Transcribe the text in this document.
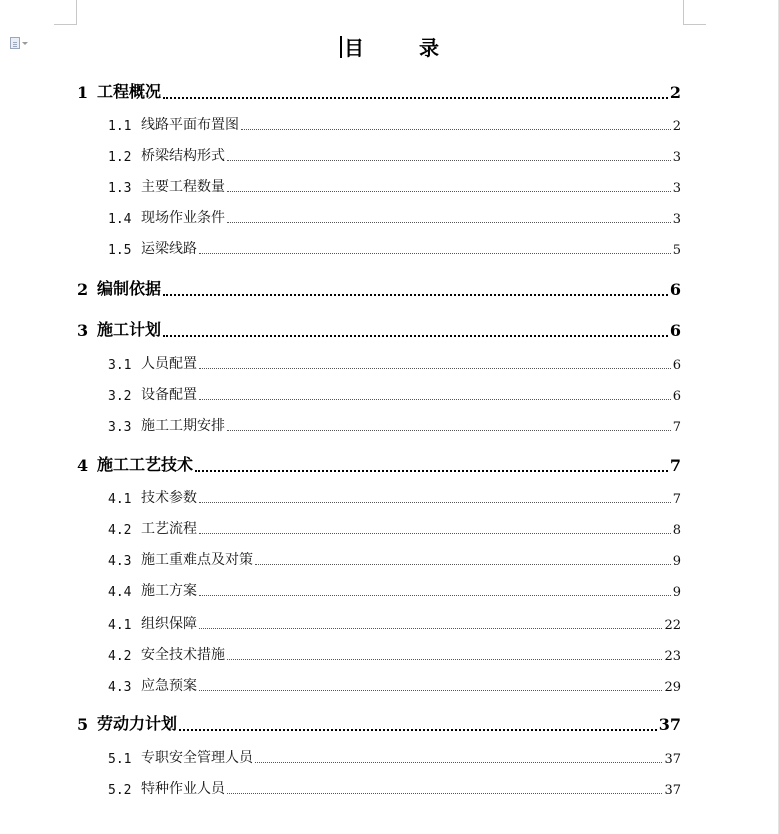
目 录
1 工程概况	2
1.1 线路平面布置图	2
1.2 桥梁结构形式	3
1.3 主要工程数量	3
1.4 现场作业条件	3
1.5 运梁线路	5
2 编制依据	6
3 施工计划	6
3.1 人员配置	6
3.2 设备配置	6
3.3 施工工期安排	7
4 施工工艺技术	7
4.1 技术参数	7
4.2 工艺流程	8
4.3 施工重难点及对策	9
4.4 施工方案	9
4.1 组织保障	22
4.2 安全技术措施	23
4.3 应急预案	29
5 劳动力计划	37
5.1 专职安全管理人员	37
5.2 特种作业人员	37
